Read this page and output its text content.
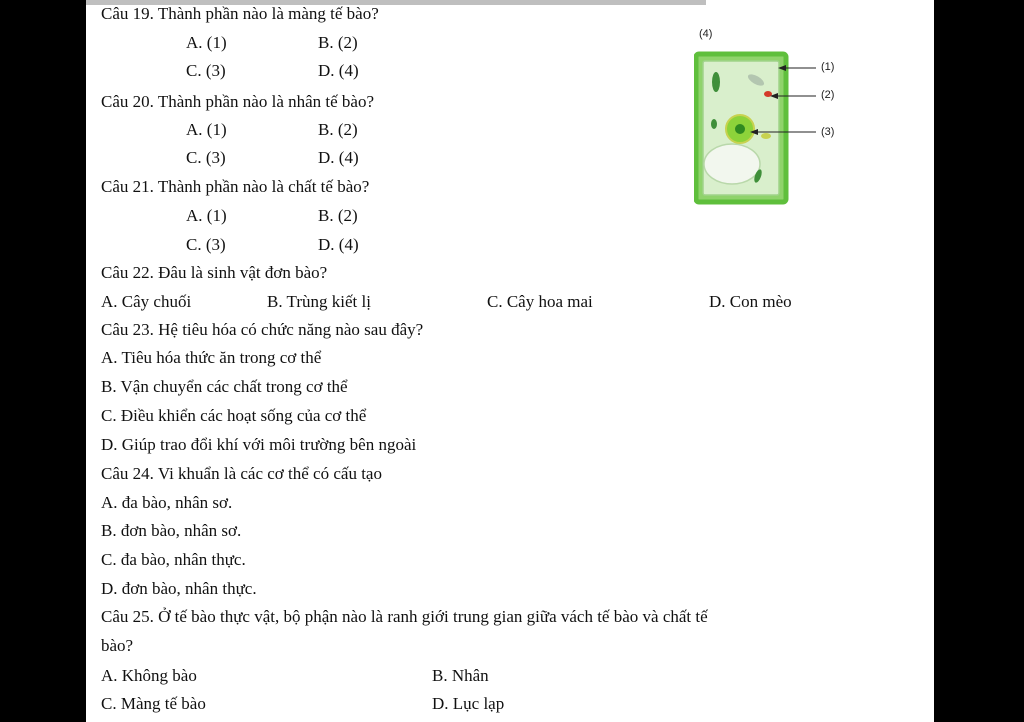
Câu 19. Thành phần nào là màng tế bào?
A. (1)	B. (2)
C. (3)	D. (4)
Câu 20. Thành phần nào là nhân tế bào?
A. (1)	B. (2)
C. (3)	D. (4)
Câu 21. Thành phần nào là chất tế bào?
A. (1)	B. (2)
C. (3)	D. (4)
Câu 22. Đâu là sinh vật đơn bào?
A. Cây chuối	B. Trùng kiết lị	C. Cây hoa mai	D. Con mèo
Câu 23. Hệ tiêu hóa có chức năng nào sau đây?
A. Tiêu hóa thức ăn trong cơ thể
B. Vận chuyển các chất trong cơ thể
C. Điều khiển các hoạt sống của cơ thể
D. Giúp trao đổi khí với môi trường bên ngoài
Câu 24. Vi khuẩn là các cơ thể có cấu tạo
A. đa bào, nhân sơ.
B. đơn bào, nhân sơ.
C. đa bào, nhân thực.
D. đơn bào, nhân thực.
Câu 25. Ở tế bào thực vật, bộ phận nào là ranh giới trung gian giữa vách tế bào và chất tế
bào?
A. Không bào	B. Nhân
C. Màng tế bào	D. Lục lạp
(4)
(1)
(2)
(3)
